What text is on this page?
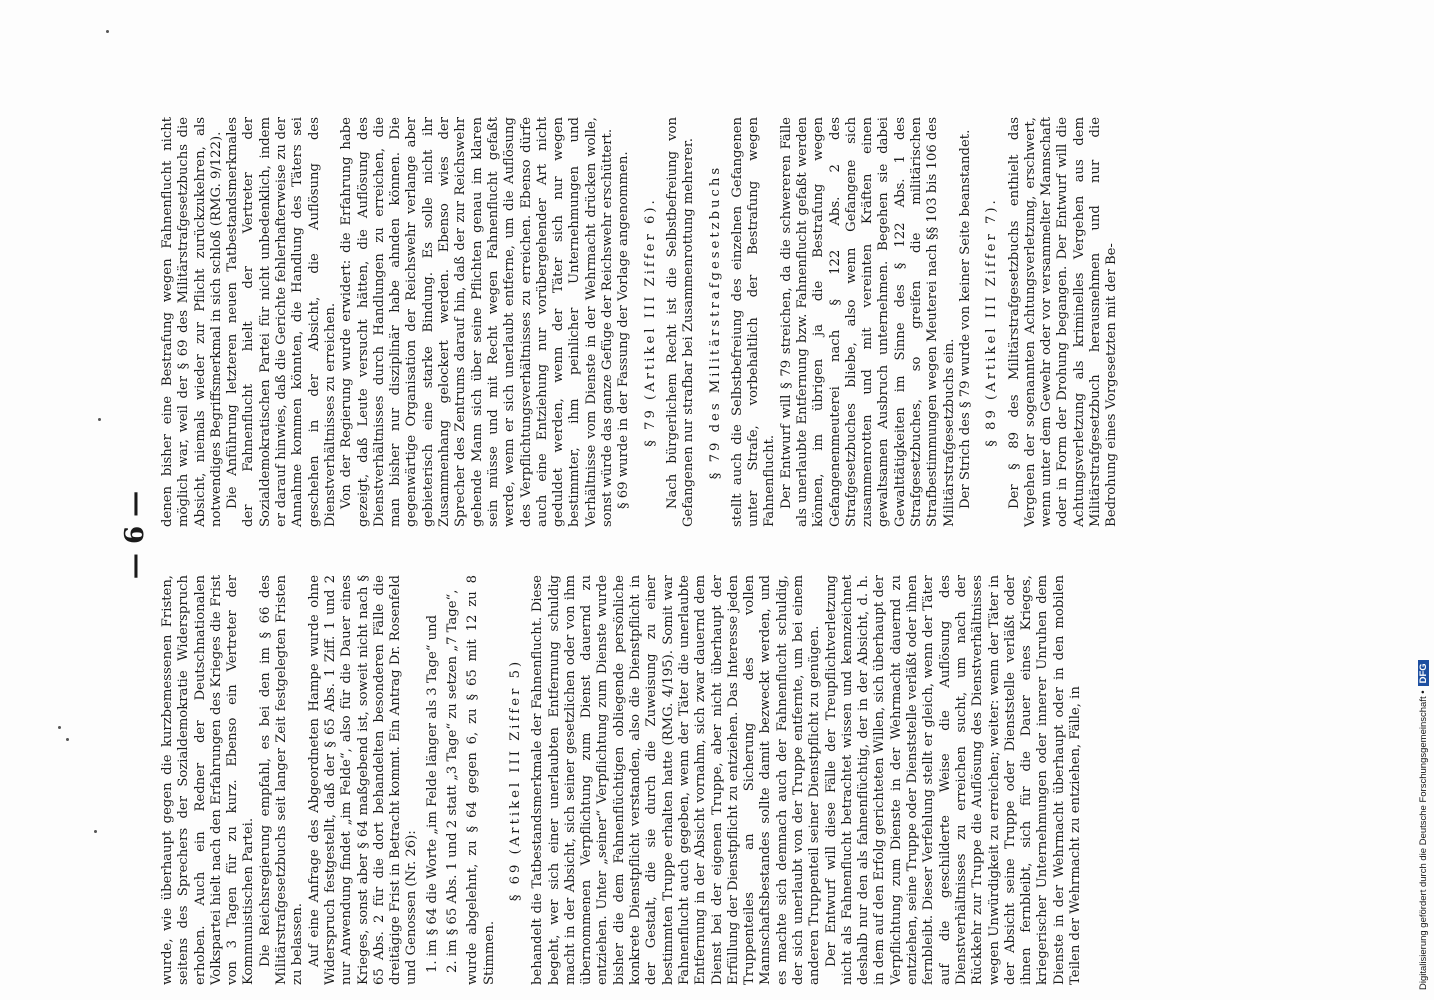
— 6 —

wurde, wie überhaupt gegen die kurzbemessenen Fristen, seitens des Sprechers der Sozialdemokratie Widerspruch erhoben. Auch ein Redner der Deutschnationalen Volkspartei hielt nach den Erfahrungen des Krieges die Frist von 3 Tagen für zu kurz. Ebenso ein Vertreter der Kommunistischen Partei. Die Reichsregierung empfahl, es bei den im § 66 des Militärstrafgesetzbuchs seit langer Zeit festgelegten Fristen zu belassen. Auf eine Anfrage des Abgeordneten Hampe wurde ohne Widerspruch festgestellt, daß der § 65 Abs. 1 Ziff. 1 und 2 nur Anwendung findet „im Felde“, also für die Dauer eines Krieges, sonst aber § 64 maßgebend ist, soweit nicht nach § 65 Abs. 2 für die dort behandelten besonderen Fälle die dreitägige Frist in Betracht kommt. Ein Antrag Dr. Rosenfeld und Genossen (Nr. 26): 1. im § 64 die Worte „im Felde länger als 3 Tage“ und 2. im § 65 Abs. 1 und 2 statt „3 Tage“ zu setzen „7 Tage“, wurde abgelehnt, zu § 64 gegen 6, zu § 65 mit 12 zu 8 Stimmen.

§ 69 (Artikel III Ziffer 5) behandelt die Tatbestandsmerkmale der Fahnenflucht. Diese begeht, wer sich einer unerlaubten Entfernung schuldig macht in der Absicht, sich seiner gesetzlichen oder von ihm übernommenen Verpflichtung zum Dienst dauernd zu entziehen. Unter „seiner“ Verpflichtung zum Dienste wurde bisher die dem Fahnenflüchtigen obliegende persönliche konkrete Dienstpflicht verstanden, also die Dienstpflicht in der Gestalt, die sie durch die Zuweisung zu einer bestimmten Truppe erhalten hatte (RMG. 4/195). Somit war Fahnenflucht auch gegeben, wenn der Täter die unerlaubte Entfernung in der Absicht vornahm, sich zwar dauernd dem Dienst bei der eigenen Truppe, aber nicht überhaupt der Erfüllung der Dienstpflicht zu entziehen. Das Interesse jeden Truppenteiles an Sicherung des vollen Mannschaftsbestandes sollte damit bezweckt werden, und es machte sich demnach auch der Fahnenflucht schuldig, der sich unerlaubt von der Truppe entfernte, um bei einem anderen Truppenteil seiner Dienstpflicht zu genügen. Der Entwurf will diese Fälle der Treupflichtverletzung nicht als Fahnenflucht betrachtet wissen und kennzeichnet deshalb nur den als fahnenflüchtig, der in der Absicht, d. h. in dem auf den Erfolg gerichteten Willen, sich überhaupt der Verpflichtung zum Dienste in der Wehrmacht dauernd zu entziehen, seine Truppe oder Dienststelle verläßt oder ihnen fernbleibt. Dieser Verfehlung stellt er gleich, wenn der Täter auf die geschilderte Weise die Auflösung des Dienstverhältnisses zu erreichen sucht, um nach der Rückkehr zur Truppe die Auflösung des Dienstverhältnisses wegen Unwürdigkeit zu erreichen; weiter: wenn der Täter in der Absicht seine Truppe oder Dienststelle verläßt oder ihnen fernbleibt, sich für die Dauer eines Krieges, kriegerischer Unternehmungen oder innerer Unruhen dem Dienste in der Wehrmacht überhaupt oder in den mobilen Teilen der Wehrmacht zu entziehen, Fälle, in

denen bisher eine Bestrafung wegen Fahnenflucht nicht möglich war, weil der § 69 des Militärstrafgesetzbuchs die Absicht, niemals wieder zur Pflicht zurückzukehren, als notwendiges Begriffsmerkmal in sich schloß (RMG. 9/122). Die Anführung letzteren neuen Tatbestandsmerkmales der Fahnenflucht hielt der Vertreter der Sozialdemokratischen Partei für nicht unbedenklich, indem er darauf hinwies, daß die Gerichte fehlerhafterweise zu der Annahme kommen könnten, die Handlung des Täters sei geschehen in der Absicht, die Auflösung des Dienstverhältnisses zu erreichen. Von der Regierung wurde erwidert: die Erfahrung habe gezeigt, daß Leute versucht hätten, die Auflösung des Dienstverhältnisses durch Handlungen zu erreichen, die man bisher nur disziplinär habe ahnden können. Die gegenwärtige Organisation der Reichswehr verlange aber gebieterisch eine starke Bindung. Es solle nicht ihr Zusammenhang gelockert werden. Ebenso wies der Sprecher des Zentrums darauf hin, daß der zur Reichswehr gehende Mann sich über seine Pflichten genau im klaren sein müsse und mit Recht wegen Fahnenflucht gefaßt werde, wenn er sich unerlaubt entferne, um die Auflösung des Verpflichtungsverhältnisses zu erreichen. Ebenso dürfe auch eine Entziehung nur vorübergehender Art nicht geduldet werden, wenn der Täter sich nur wegen bestimmter, ihm peinlicher Unternehmungen und Verhältnisse vom Dienste in der Wehrmacht drücken wolle, sonst würde das ganze Gefüge der Reichswehr erschüttert. § 69 wurde in der Fassung der Vorlage angenommen. § 79 (Artikel III Ziffer 6). Nach bürgerlichem Recht ist die Selbstbefreiung von Gefangenen nur strafbar bei Zusammenrottung mehrerer. § 79 des Militärstrafgesetzbuchs stellt auch die Selbstbefreiung des einzelnen Gefangenen unter Strafe, vorbehaltlich der Bestrafung wegen Fahnenflucht. Der Entwurf will § 79 streichen, da die schwereren Fälle als unerlaubte Entfernung bzw. Fahnenflucht gefaßt werden können, im übrigen ja die Bestrafung wegen Gefangenenmeuterei nach § 122 Abs. 2 des Strafgesetzbuches bliebe, also wenn Gefangene sich zusammenrotten und mit vereinten Kräften einen gewaltsamen Ausbruch unternehmen. Begehen sie dabei Gewalttätigkeiten im Sinne des § 122 Abs. 1 des Strafgesetzbuches, so greifen die militärischen Strafbestimmungen wegen Meuterei nach §§ 103 bis 106 des Militärstrafgesetzbuchs ein. Der Strich des § 79 wurde von keiner Seite beanstandet. § 89 (Artikel III Ziffer 7). Der § 89 des Militärstrafgesetzbuchs enthielt das Vergehen der sogenannten Achtungsverletzung, erschwert, wenn unter dem Gewehr oder vor versammelter Mannschaft oder in Form der Drohung begangen. Der Entwurf will die Achtungsverletzung als kriminelles Vergehen aus dem Militärstrafgesetzbuch herausnehmen und nur die Bedrohung eines Vorgesetzten mit der Be-

Digitalisierung gefördert durch die Deutsche Forschungsgemeinschaft •DFG
